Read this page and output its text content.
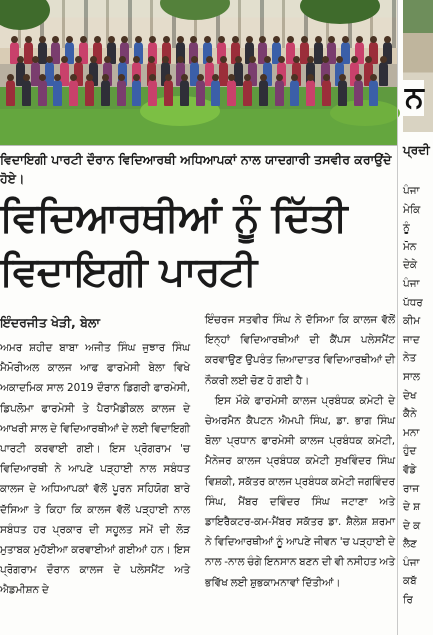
ਵਿਦਾਇਗੀ ਪਾਰਟੀ ਦੌਰਾਨ ਵਿਦਿਆਰਥੀ ਅਧਿਆਪਕਾਂ ਨਾਲ ਯਾਦਗਾਰੀ ਤਸਵੀਰ ਕਰਾਉਂਦੇ ਹੋਏ।
ਵਿਦਿਆਰਥੀਆਂ ਨੂੰ ਦਿੱਤੀ
ਵਿਦਾਇਗੀ ਪਾਰਟੀ
ਇੰਦਰਜੀਤ ਖੇੜੀ, ਬੇਲਾ

ਅਮਰ ਸ਼ਹੀਦ ਬਾਬਾ ਅਜੀਤ ਸਿੰਘ ਜੁਝਾਰ ਸਿੰਘ ਮੈਮੋਰੀਅਲ ਕਾਲਜ ਆਫ ਫਾਰਮੇਸੀ ਬੇਲਾ ਵਿਖੇ ਅਕਾਦਮਿਕ ਸਾਲ 2019 ਦੌਰਾਨ ਡਿਗਰੀ ਫਾਰਮੇਸੀ, ਡਿਪਲੋਮਾ ਫਾਰਮੇਸੀ ਤੇ ਪੈਰਾਮੈਡੀਕਲ ਕਾਲਜ ਦੇ ਆਖਰੀ ਸਾਲ ਦੇ ਵਿਦਿਆਰਥੀਆਂ ਦੇ ਲਈ ਵਿਦਾਇਗੀ ਪਾਰਟੀ ਕਰਵਾਈ ਗਈ। ਇਸ ਪ੍ਰੋਗਰਾਮ 'ਚ ਵਿਦਿਆਰਥੀ ਨੇ ਆਪਣੇ ਪੜ੍ਹਾਈ ਨਾਲ ਸਬੰਧਤ ਕਾਲਜ ਦੇ ਅਧਿਆਪਕਾਂ ਵੱਲੋਂ ਪੂਰਨ ਸਹਿਯੋਗ ਬਾਰੇ ਦੱਸਿਆ ਤੇ ਕਿਹਾ ਕਿ ਕਾਲਜ ਵੱਲੋਂ ਪੜ੍ਹਾਈ ਨਾਲ ਸਬੰਧਤ ਹਰ ਪ੍ਰਕਾਰ ਦੀ ਸਹੂਲਤ ਸਮੇਂ ਦੀ ਲੋੜ ਮੁਤਾਬਕ ਮੁਹੱਈਆ ਕਰਵਾਈਆਂ ਗਈਆਂ ਹਨ। ਇਸ ਪ੍ਰੋਗਰਾਮ ਦੌਰਾਨ ਕਾਲਜ ਦੇ ਪਲੇਸਮੈਂਟ ਅਤੇ ਐਡਮੀਸ਼ਨ ਦੇ

ਇੰਚਰਜ ਸਤਵੀਰ ਸਿੰਘ ਨੇ ਦੱਸਿਆ ਕਿ ਕਾਲਜ ਵੱਲੋਂ ਇਨ੍ਹਾਂ ਵਿਦਿਆਰਥੀਆਂ ਦੀ ਕੈਂਪਸ ਪਲੇਸਮੈਂਟ ਕਰਵਾਉਣ ਉਪਰੰਤ ਜ਼ਿਆਦਾਤਰ ਵਿਦਿਆਰਥੀਆਂ ਦੀ ਨੌਕਰੀ ਲਈ ਚੋਣ ਹੋ ਗਈ ਹੈ।

ਇਸ ਮੌਕੇ ਫਾਰਮੇਸੀ ਕਾਲਜ ਪ੍ਰਬੰਧਕ ਕਮੇਟੀ ਦੇ ਚੇਅਰਮੈਨ ਕੈਪਟਨ ਐਮਪੀ ਸਿੰਘ, ਡਾ. ਭਾਗ ਸਿੰਘ ਬੋਲਾ ਪ੍ਰਧਾਨ ਫਾਰਮੇਸੀ ਕਾਲਜ ਪ੍ਰਬੰਧਕ ਕਮੇਟੀ, ਮੈਨੇਜਰ ਕਾਲਜ ਪ੍ਰਬੰਧਕ ਕਮੇਟੀ ਸੁਖਵਿੰਦਰ ਸਿੰਘ ਵਿਸ਼ਕੀ, ਸਕੱਤਰ ਕਾਲਜ ਪ੍ਰਬੰਧਕ ਕਮੇਟੀ ਜਗਵਿੰਦਰ ਸਿੰਘ, ਮੈਂਬਰ ਦਵਿੰਦਰ ਸਿੰਘ ਜਟਾਣਾ ਅਤੇ ਡਾਇਰੈਕਟਰ-ਕਮ-ਮੈਂਬਰ ਸਕੱਤਰ ਡਾ. ਸ਼ੈਲੇਸ਼ ਸ਼ਰਮਾ ਨੇ ਵਿਦਿਆਰਥੀਆਂ ਨੂੰ ਆਪਣੇ ਜੀਵਨ 'ਚ ਪੜ੍ਹਾਈ ਦੇ ਨਾਲ -ਨਾਲ ਚੰਗੇ ਇਨਸਾਨ ਬਣਨ ਦੀ ਵੀ ਨਸੀਹਤ ਅਤੇ ਭਵਿੱਖ ਲਈ ਸ਼ੁਭਕਾਮਨਾਵਾਂ ਦਿੱਤੀਆਂ।

ਨ
ਪ੍ਰਦੀ
ਪੰਜਾ
ਮੇਕਿ
ਨੂੰ
ਮੋਨ
ਦੇਕੇ
ਪੰਜਾ
ਪੱਧਰ
ਕੀਮ
ਜਾਦ
ਨੇਤ
ਸਾਲ
ਦੇਖ
ਕੈਨੇ
ਮਨਾ
ਹੁੰਦ
ਵੱਡੇ
ਰਾਜ
ਦੇ ਸ਼
ਦੇ ਕ
ਲੈਣ
ਪੰਜਾ
ਕਬੱ
ਰਿ
